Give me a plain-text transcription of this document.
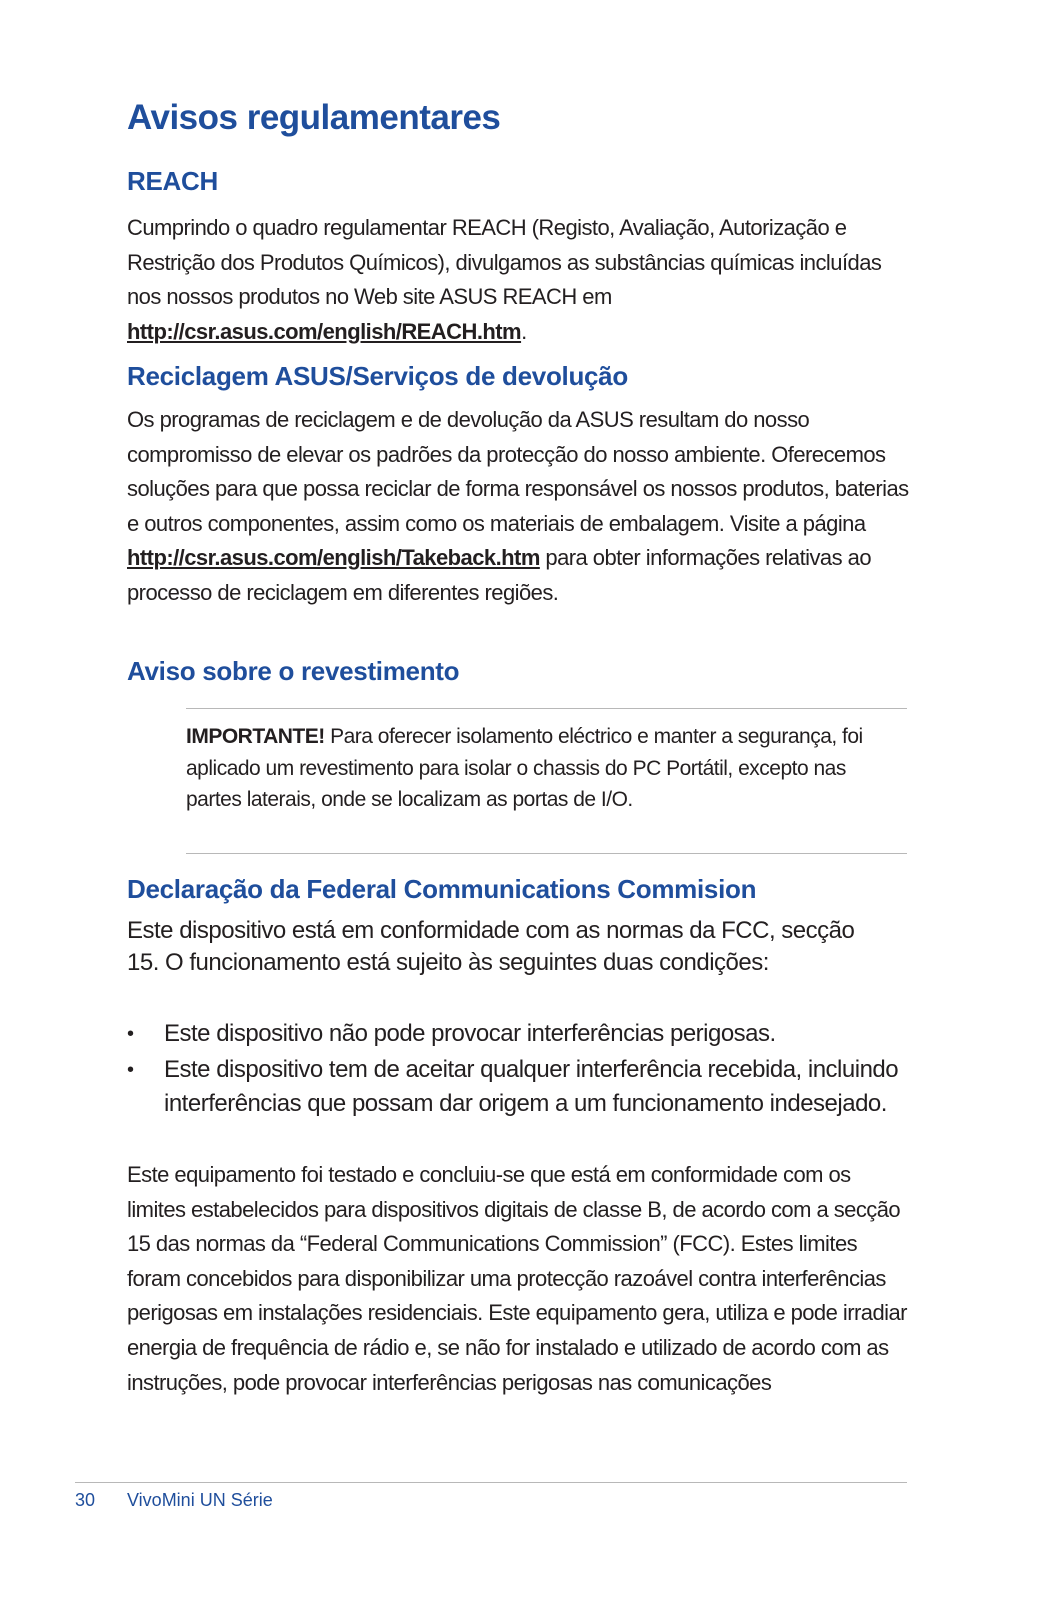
Avisos regulamentares
REACH

Cumprindo o quadro regulamentar REACH (Registo, Avaliação, Autorização e Restrição dos Produtos Químicos), divulgamos as substâncias químicas incluídas nos nossos produtos no Web site ASUS REACH em http://csr.asus.com/english/REACH.htm.

Reciclagem ASUS/Serviços de devolução

Os programas de reciclagem e de devolução da ASUS resultam do nosso compromisso de elevar os padrões da protecção do nosso ambiente. Oferecemos soluções para que possa reciclar de forma responsável os nossos produtos, baterias e outros componentes, assim como os materiais de embalagem. Visite a página http://csr.asus.com/english/Takeback.htm para obter informações relativas ao processo de reciclagem em diferentes regiões.

Aviso sobre o revestimento

IMPORTANTE! Para oferecer isolamento eléctrico e manter a segurança, foi aplicado um revestimento para isolar o chassis do PC Portátil, excepto nas partes laterais, onde se localizam as portas de I/O.

Declaração da Federal Communications Commision

Este dispositivo está em conformidade com as normas da FCC, secção 15. O funcionamento está sujeito às seguintes duas condições:

• Este dispositivo não pode provocar interferências perigosas.
• Este dispositivo tem de aceitar qualquer interferência recebida, incluindo interferências que possam dar origem a um funcionamento indesejado.

Este equipamento foi testado e concluiu-se que está em conformidade com os limites estabelecidos para dispositivos digitais de classe B, de acordo com a secção 15 das normas da “Federal Communications Commission” (FCC). Estes limites foram concebidos para disponibilizar uma protecção razoável contra interferências perigosas em instalações residenciais. Este equipamento gera, utiliza e pode irradiar energia de frequência de rádio e, se não for instalado e utilizado de acordo com as instruções, pode provocar interferências perigosas nas comunicações

30 VivoMini UN Série
